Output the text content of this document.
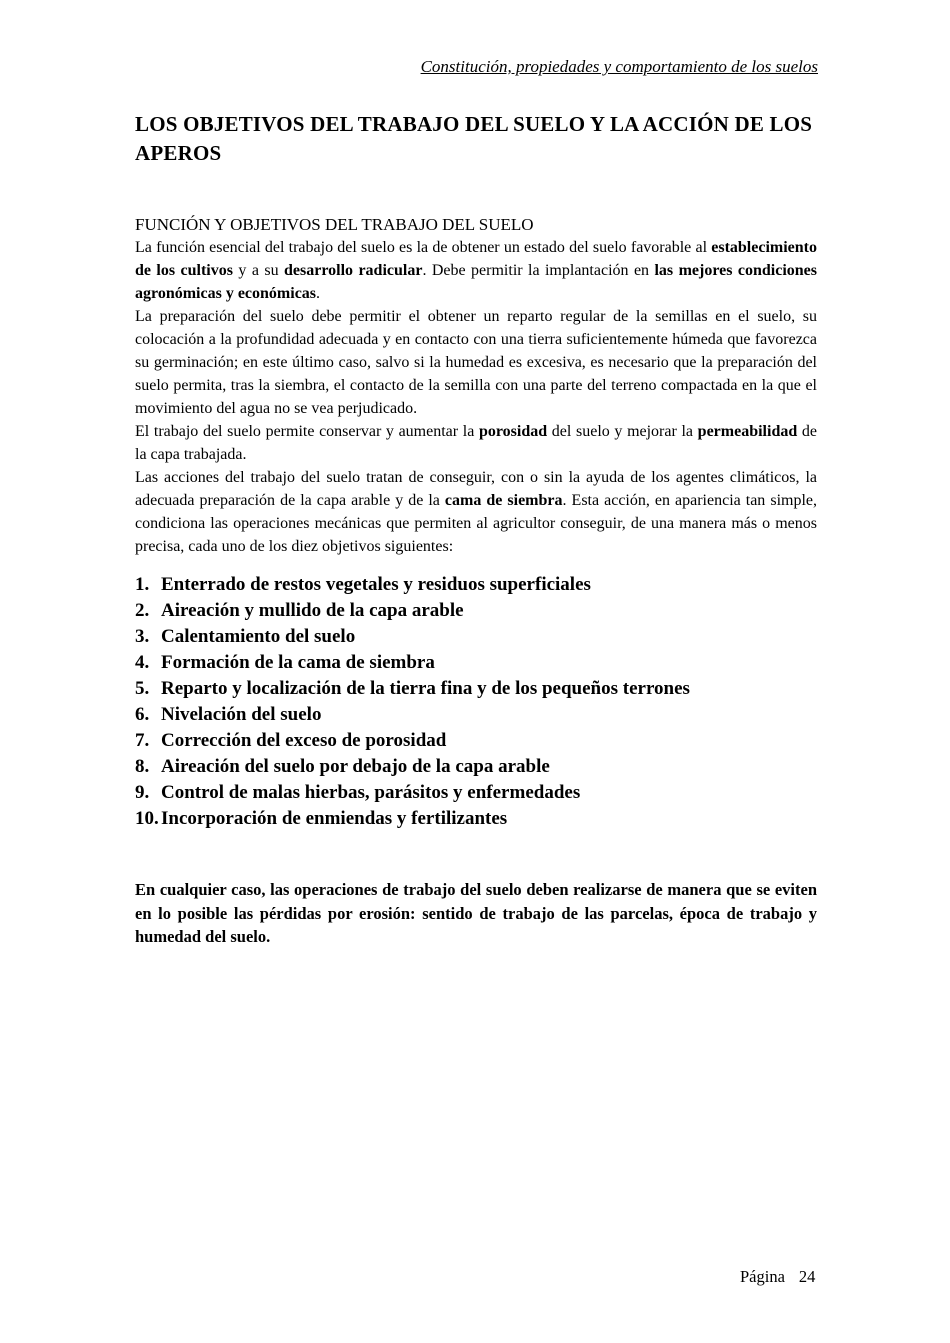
Constitución, propiedades y comportamiento de los suelos
LOS OBJETIVOS DEL TRABAJO DEL SUELO Y LA ACCIÓN DE LOS APEROS
FUNCIÓN Y OBJETIVOS DEL TRABAJO DEL SUELO

La función esencial del trabajo del suelo es la de obtener un estado del suelo favorable al establecimiento de los cultivos y a su desarrollo radicular. Debe permitir la implantación en las mejores condiciones agronómicas y económicas.

La preparación del suelo debe permitir el obtener un reparto regular de la semillas en el suelo, su colocación a la profundidad adecuada y en contacto con una tierra suficientemente húmeda que favorezca su germinación; en este último caso, salvo si la humedad es excesiva, es necesario que la preparación del suelo permita, tras la siembra, el contacto de la semilla con una parte del terreno compactada en la que el movimiento del agua no se vea perjudicado.

El trabajo del suelo permite conservar y aumentar la porosidad del suelo y mejorar la permeabilidad de la capa trabajada.

Las acciones del trabajo del suelo tratan de conseguir, con o sin la ayuda de los agentes climáticos, la adecuada preparación de la capa arable y de la cama de siembra. Esta acción, en apariencia tan simple, condiciona las operaciones mecánicas que permiten al agricultor conseguir, de una manera más o menos precisa, cada uno de los diez objetivos siguientes:

1. Enterrado de restos vegetales y residuos superficiales
2. Aireación y mullido de la capa arable
3. Calentamiento del suelo
4. Formación de la cama de siembra
5. Reparto y localización de la tierra fina y de los pequeños terrones
6. Nivelación del suelo
7. Corrección del exceso de porosidad
8. Aireación del suelo por debajo de la capa arable
9. Control de malas hierbas, parásitos y enfermedades
10. Incorporación de enmiendas y fertilizantes

En cualquier caso, las operaciones de trabajo del suelo deben realizarse de manera que se eviten en lo posible las pérdidas por erosión: sentido de trabajo de las parcelas, época de trabajo y humedad del suelo.

Página 24
